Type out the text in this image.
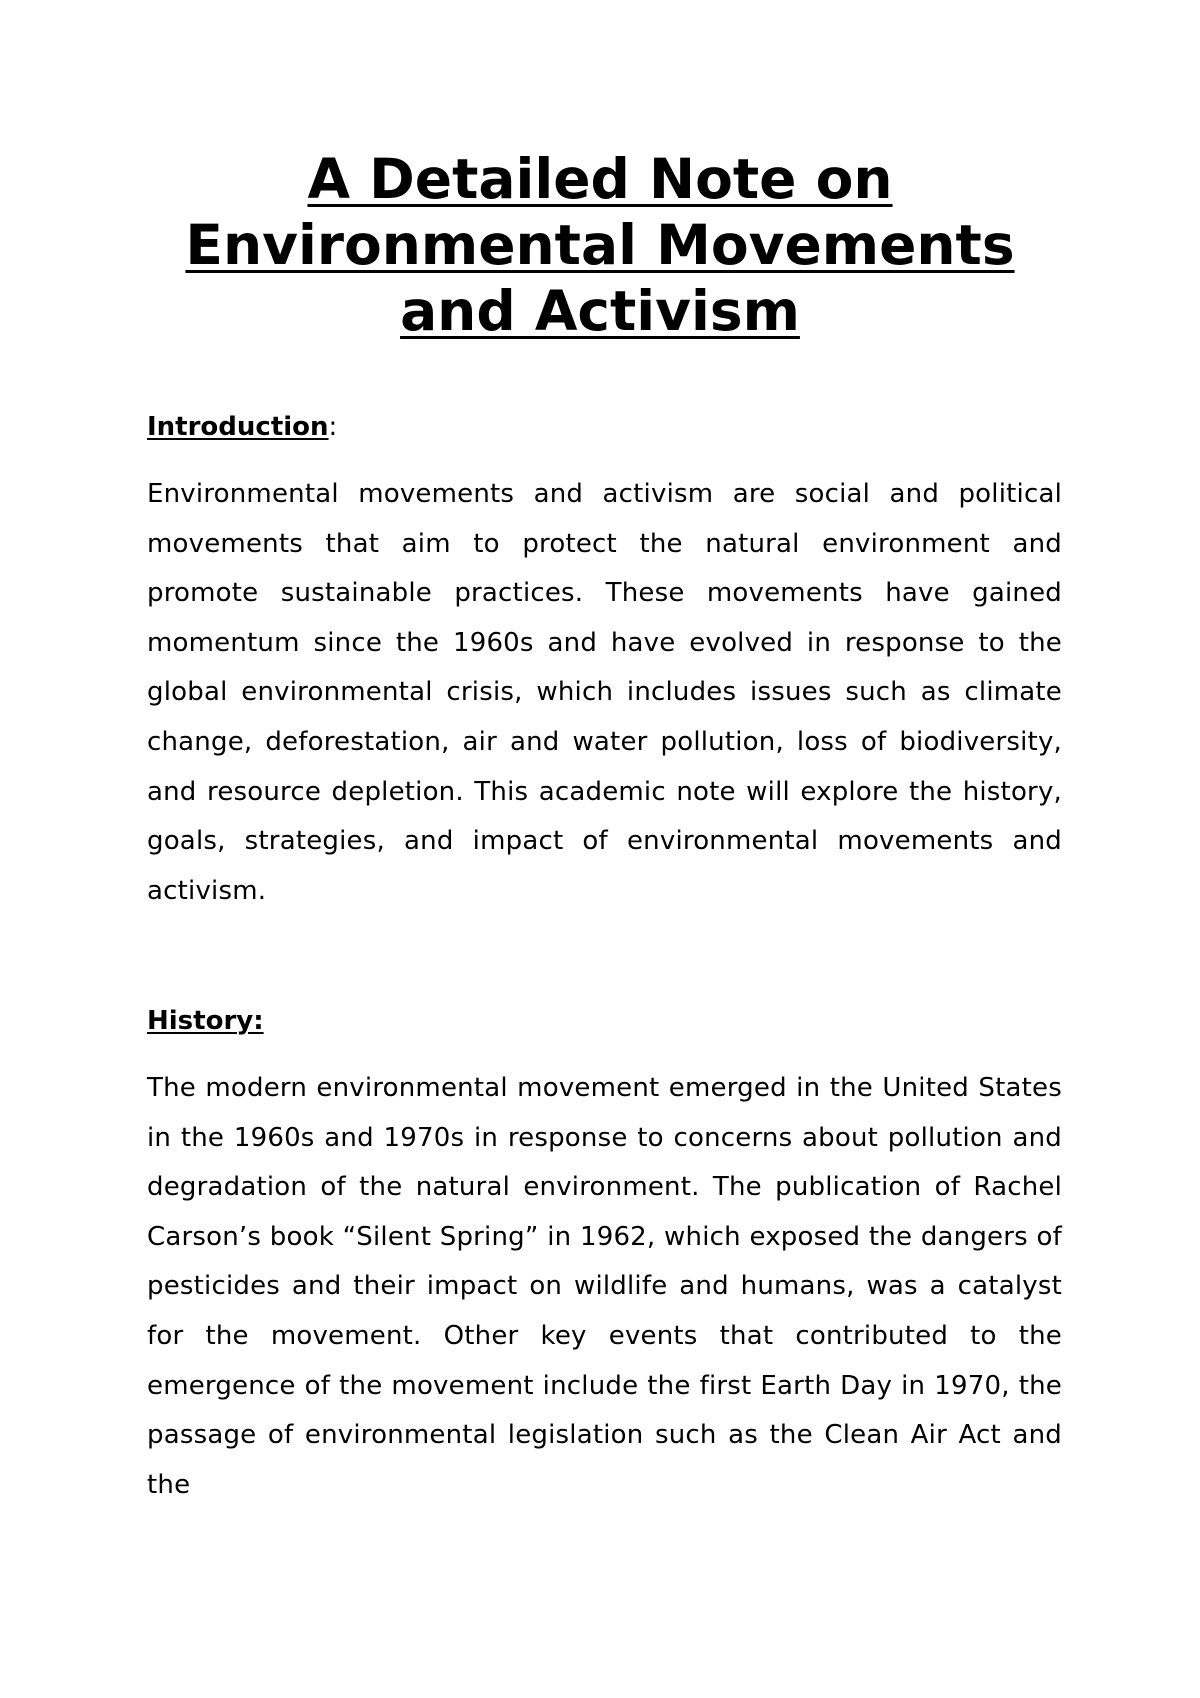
A Detailed Note on
Environmental Movements
and Activism
Introduction:

Environmental movements and activism are social and political movements that aim to protect the natural environment and promote sustainable practices. These movements have gained momentum since the 1960s and have evolved in response to the global environmental crisis, which includes issues such as climate change, deforestation, air and water pollution, loss of biodiversity, and resource depletion. This academic note will explore the history, goals, strategies, and impact of environmental movements and activism.

History:

The modern environmental movement emerged in the United States in the 1960s and 1970s in response to concerns about pollution and degradation of the natural environment. The publication of Rachel Carson’s book “Silent Spring” in 1962, which exposed the dangers of pesticides and their impact on wildlife and humans, was a catalyst for the movement. Other key events that contributed to the emergence of the movement include the first Earth Day in 1970, the passage of environmental legislation such as the Clean Air Act and the
